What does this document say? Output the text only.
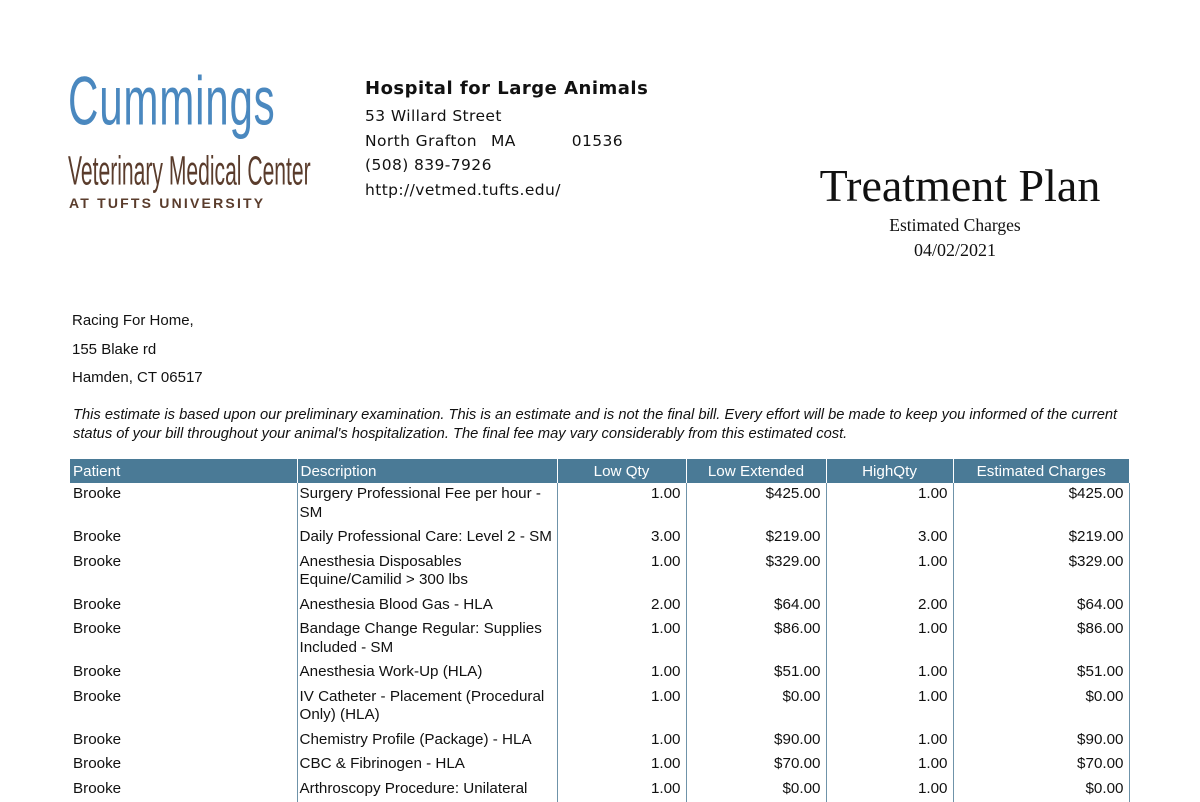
Cummings
Veterinary Medical Center
AT TUFTS UNIVERSITY
Hospital for Large Animals
53 Willard Street
North Grafton MA	01536
(508) 839-7926
http://vetmed.tufts.edu/	Treatment Plan
Estimated Charges
04/02/2021
Racing For Home,
155 Blake rd
Hamden, CT 06517
This estimate is based upon our preliminary examination. This is an estimate and is not the final bill. Every effort will be made to keep you informed of the current status of your bill throughout your animal's hospitalization. The final fee may vary considerably from this estimated cost.
Patient	Description	Low Qty	Low Extended	HighQty	Estimated Charges
Brooke	Surgery Professional Fee per hour - SM	1.00	$425.00	1.00	$425.00
Brooke	Daily Professional Care: Level 2 - SM	3.00	$219.00	3.00	$219.00
Brooke	Anesthesia Disposables Equine/Camilid > 300 lbs	1.00	$329.00	1.00	$329.00
Brooke	Anesthesia Blood Gas - HLA	2.00	$64.00	2.00	$64.00
Brooke	Bandage Change Regular: Supplies Included - SM	1.00	$86.00	1.00	$86.00
Brooke	Anesthesia Work-Up (HLA)	1.00	$51.00	1.00	$51.00
Brooke	IV Catheter - Placement (Procedural Only) (HLA)	1.00	$0.00	1.00	$0.00
Brooke	Chemistry Profile (Package) - HLA	1.00	$90.00	1.00	$90.00
Brooke	CBC & Fibrinogen - HLA	1.00	$70.00	1.00	$70.00
Brooke	Arthroscopy Procedure: Unilateral	1.00	$0.00	1.00	$0.00
